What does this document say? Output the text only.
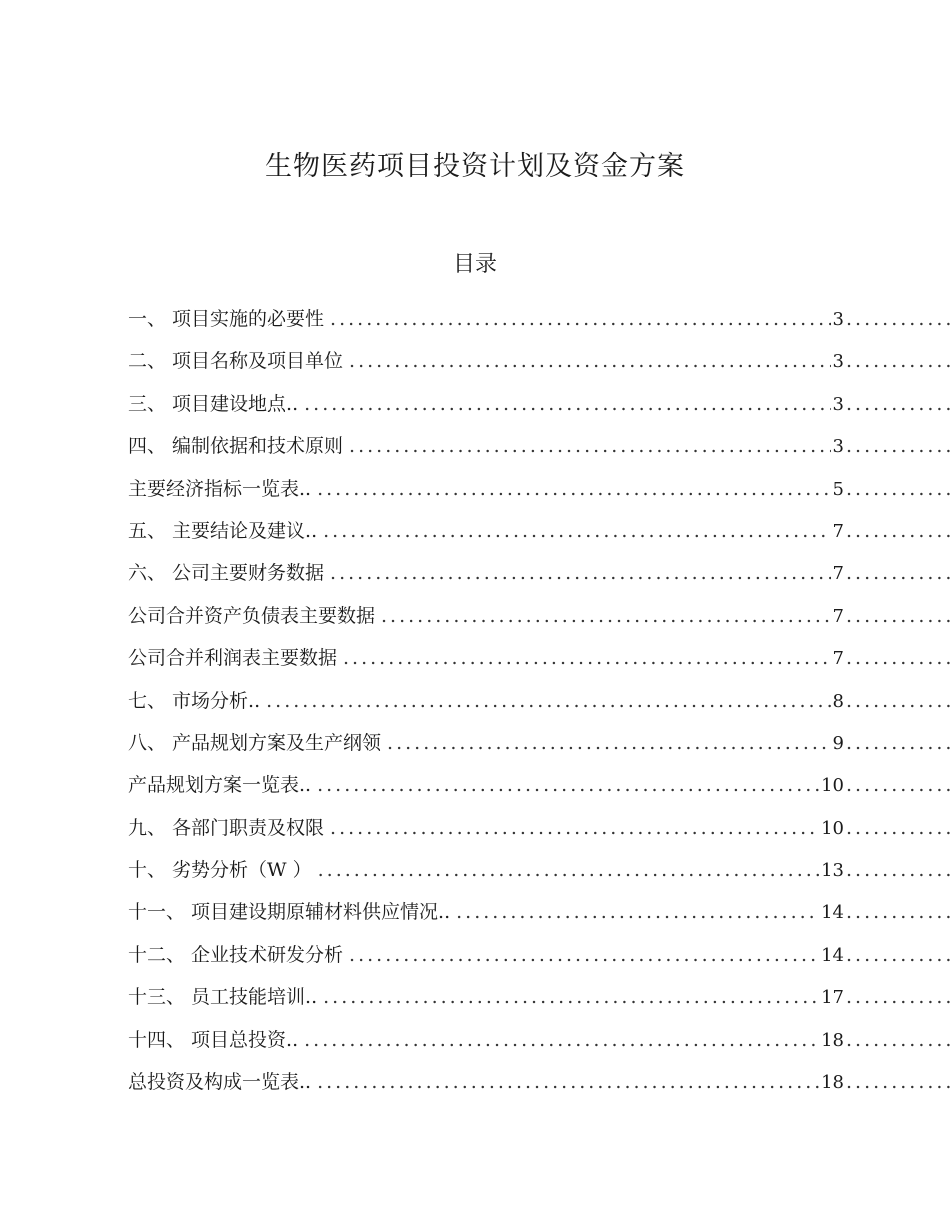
生物医药项目投资计划及资金方案
目录
一、 项目实施的必要性 .....	3
.....
二、 项目名称及项目单位 .....	3
.....
三、 项目建设地点.. .....	3
.....
四、 编制依据和技术原则 .....	3
.....
主要经济指标一览表.. .....	5
.....
五、 主要结论及建议.. .....	7
.....
六、 公司主要财务数据 .....	7
.....
公司合并资产负债表主要数据 .....	7
.....
公司合并利润表主要数据 .....	7
.....
七、 市场分析.. .....	8
.....
八、 产品规划方案及生产纲领 .....	9
.....
产品规划方案一览表.. .....	10
.....
九、 各部门职责及权限 .....	10
.....
十、 劣势分析（W ） .....	13
.....
十一、 项目建设期原辅材料供应情况.. .....	14
.....
十二、 企业技术研发分析 .....	14
.....
十三、 员工技能培训.. .....	17
.....
十四、 项目总投资.. .....	18
.....
总投资及构成一览表.. .....	18
.....
